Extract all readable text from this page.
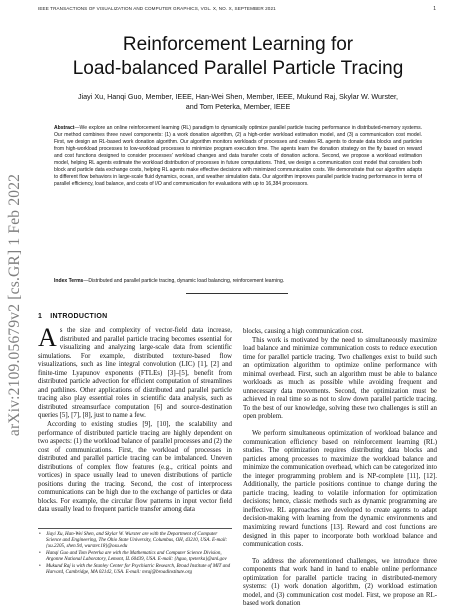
IEEE TRANSACTIONS OF VISUALIZATION AND COMPUTER GRAPHICS, VOL. X, NO. X, SEPTEMBER 2021	1
arXiv:2109.05679v2 [cs.GR] 1 Feb 2022
Reinforcement Learning for
Load-balanced Parallel Particle Tracing
Jiayi Xu, Hanqi Guo, Member, IEEE, Han-Wei Shen, Member, IEEE, Mukund Raj, Skylar W. Wurster,
and Tom Peterka, Member, IEEE
Abstract—We explore an online reinforcement learning (RL) paradigm to dynamically optimize parallel particle tracing performance in distributed-memory systems. Our method combines three novel components: (1) a work donation algorithm, (2) a high-order workload estimation model, and (3) a communication cost model. First, we design an RL-based work donation algorithm. Our algorithm monitors workloads of processes and creates RL agents to donate data blocks and particles from high-workload processes to low-workload processes to minimize program execution time. The agents learn the donation strategy on the fly based on reward and cost functions designed to consider processes' workload changes and data transfer costs of donation actions. Second, we propose a workload estimation model, helping RL agents estimate the workload distribution of processes in future computations. Third, we design a communication cost model that considers both block and particle data exchange costs, helping RL agents make effective decisions with minimized communication costs. We demonstrate that our algorithm adapts to different flow behaviors in large-scale fluid dynamics, ocean, and weather simulation data. Our algorithm improves parallel particle tracing performance in terms of parallel efficiency, load balance, and costs of I/O and communication for evaluations with up to 16,384 processors.
Index Terms—Distributed and parallel particle tracing, dynamic load balancing, reinforcement learning.
1 INTRODUCTION

As the size and complexity of vector-field data increase, distributed and parallel particle tracing becomes essential for visualizing and analyzing large-scale data from scientific simulations. For example, distributed texture-based flow visualizations, such as line integral convolution (LIC) [1], [2] and finite-time Lyapunov exponents (FTLEs) [3]–[5], benefit from distributed particle advection for efficient computation of streamlines and pathlines. Other applications of distributed and parallel particle tracing also play essential roles in scientific data analysis, such as distributed streamsurface computation [6] and source-destination queries [5], [7], [8], just to name a few.

According to existing studies [9], [10], the scalability and performance of distributed particle tracing are highly dependent on two aspects: (1) the workload balance of parallel processes and (2) the cost of communications. First, the workload of processes in distributed and parallel particle tracing can be imbalanced. Uneven distributions of complex flow features (e.g., critical points and vortices) in space usually lead to uneven distributions of particle positions during the tracing. Second, the cost of interprocess communications can be high due to the exchange of particles or data blocks. For example, the circular flow patterns in input vector field data usually lead to frequent particle transfer among data

• Jiayi Xu, Han-Wei Shen, and Skylar W. Wurster are with the Department of Computer Science and Engineering, The Ohio State University, Columbus, OH, 43210, USA. E-mail: {xu.2205, shen.94, wurster.18}@osu.edu
• Hanqi Guo and Tom Peterka are with the Mathematics and Computer Science Division, Argonne National Laboratory, Lemont, IL 60439, USA. E-mail: {hguo, tpeterka}@anl.gov
• Mukund Raj is with the Stanley Center for Psychiatric Research, Broad Institute of MIT and Harvard, Cambridge, MA 02142, USA. E-mail: mraj@broadinstitute.org

blocks, causing a high communication cost.

This work is motivated by the need to simultaneously maximize load balance and minimize communication costs to reduce execution time for parallel particle tracing. Two challenges exist to build such an optimization algorithm to optimize online performance with minimal overhead. First, such an algorithm must be able to balance workloads as much as possible while avoiding frequent and unnecessary data movements. Second, the optimization must be achieved in real time so as not to slow down parallel particle tracing. To the best of our knowledge, solving these two challenges is still an open problem.

We perform simultaneous optimization of workload balance and communication efficiency based on reinforcement learning (RL) studies. The optimization requires distributing data blocks and particles among processes to maximize the workload balance and minimize the communication overhead, which can be categorized into the integer programming problem and is NP-complete [11], [12]. Additionally, the particle positions continue to change during the particle tracing, leading to volatile information for optimization decisions; hence, classic methods such as dynamic programming are ineffective. RL approaches are developed to create agents to adapt decision-making with learning from the dynamic environments and maximizing reward functions [13]. Reward and cost functions are designed in this paper to incorporate both workload balance and communication costs.

To address the aforementioned challenges, we introduce three components that work hand in hand to enable online performance optimization for parallel particle tracing in distributed-memory systems: (1) work donation algorithm, (2) workload estimation model, and (3) communication cost model. First, we propose an RL-based work donation
